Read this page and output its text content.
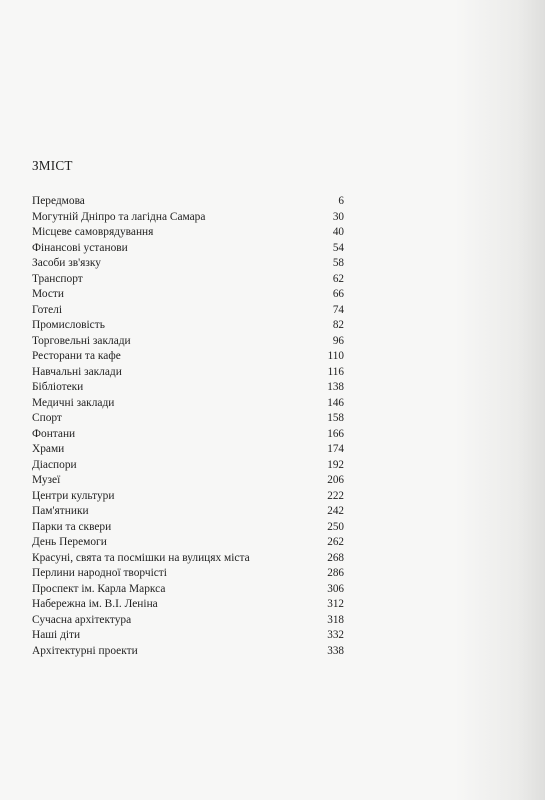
ЗМІСТ
Передмова	6
Могутній Дніпро та лагідна Самара	30
Місцеве самоврядування	40
Фінансові установи	54
Засоби зв'язку	58
Транспорт	62
Мости	66
Готелі	74
Промисловість	82
Торговельні заклади	96
Ресторани та кафе	110
Навчальні заклади	116
Бібліотеки	138
Медичні заклади	146
Спорт	158
Фонтани	166
Храми	174
Діаспори	192
Музеї	206
Центри культури	222
Пам'ятники	242
Парки та сквери	250
День Перемоги	262
Красуні, свята та посмішки на вулицях міста	268
Перлини народної творчісті	286
Проспект ім. Карла Маркса	306
Набережна ім. В.І. Леніна	312
Сучасна архітектура	318
Наші діти	332
Архітектурні проекти	338
